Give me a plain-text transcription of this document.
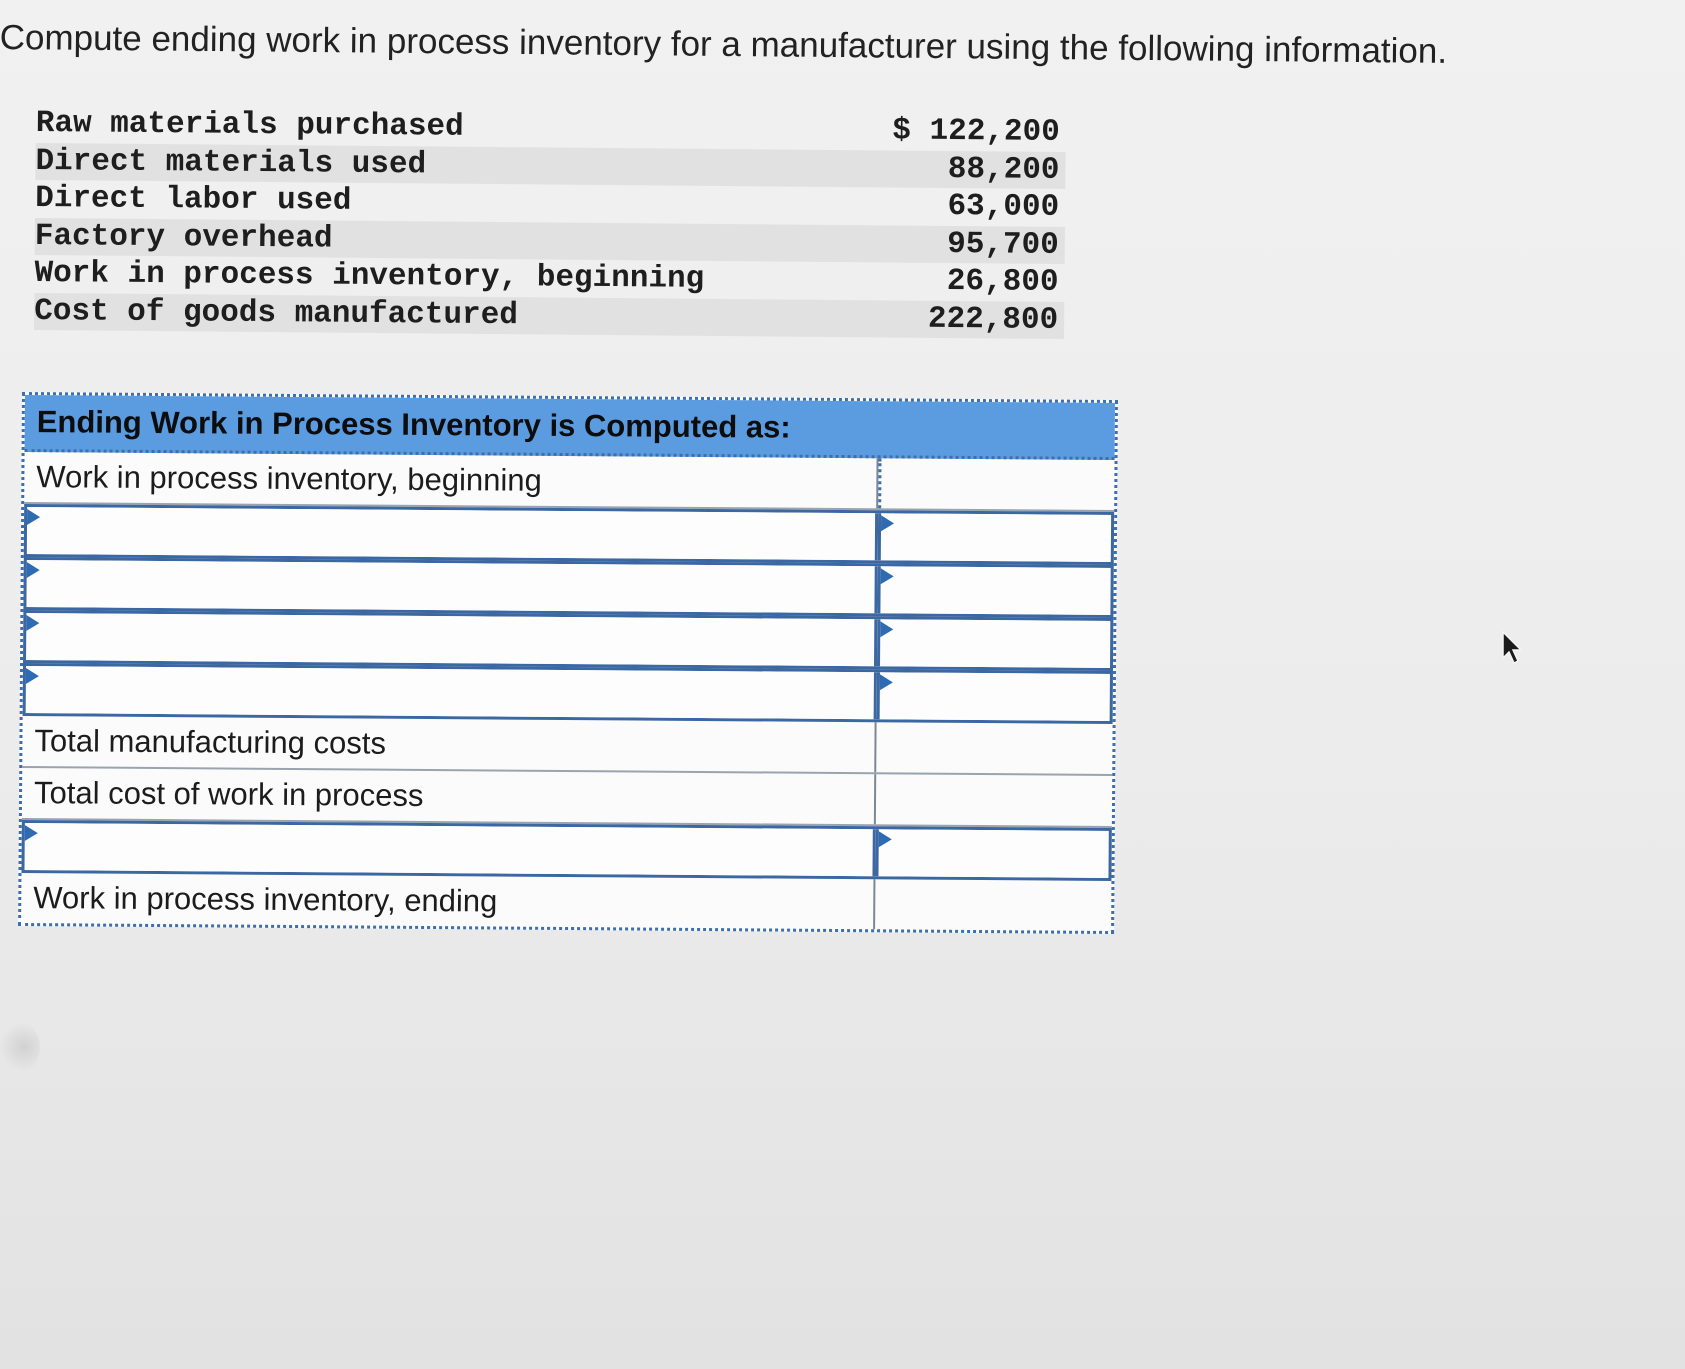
Compute ending work in process inventory for a manufacturer using the following information.
Raw materials purchased	$ 122,200
Direct materials used	88,200
Direct labor used	63,000
Factory overhead	95,700
Work in process inventory, beginning	26,800
Cost of goods manufactured	222,800
Ending Work in Process Inventory is Computed as:
Work in process inventory, beginning
Total manufacturing costs
Total cost of work in process
Work in process inventory, ending
